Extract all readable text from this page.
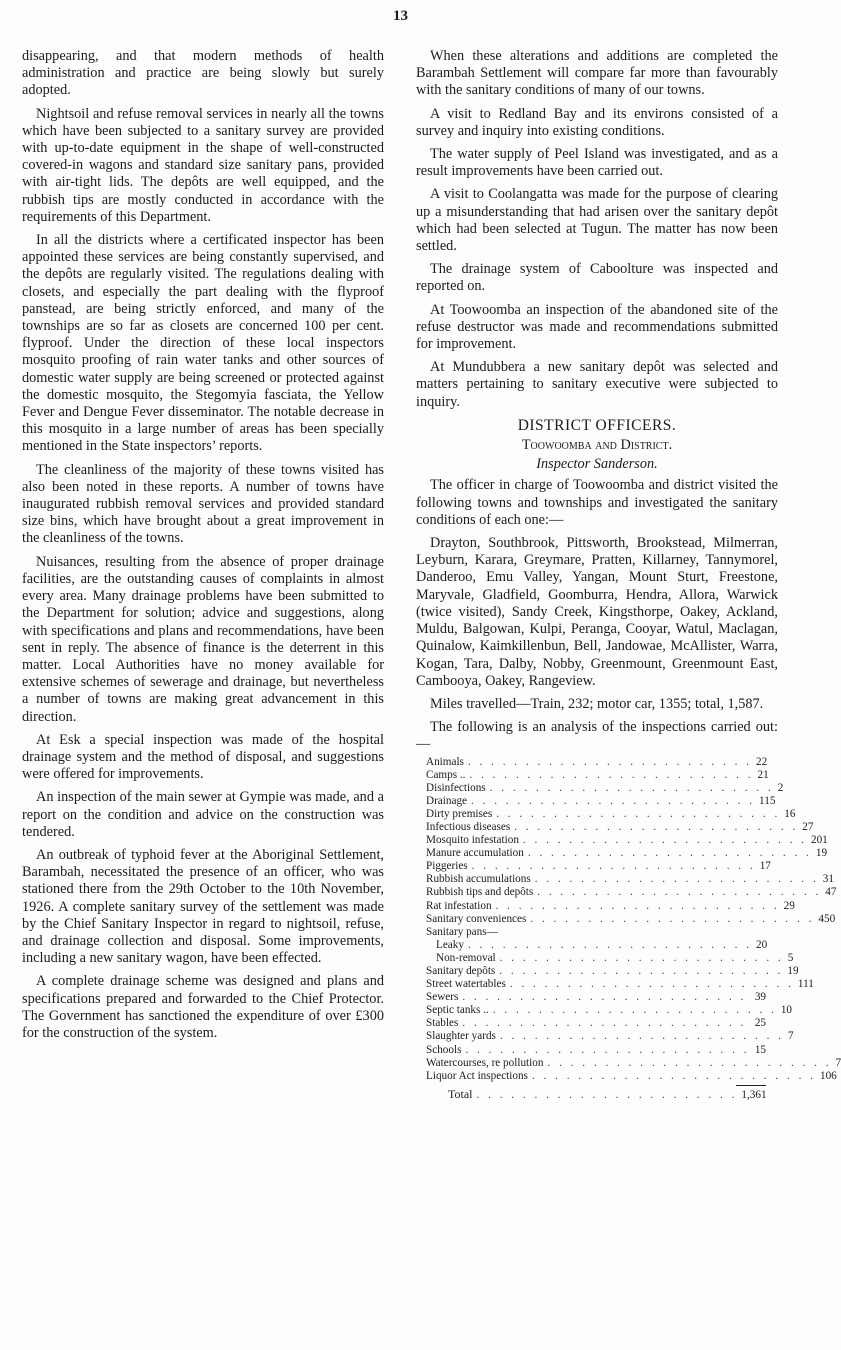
13

disappearing, and that modern methods of health administration and practice are being slowly but surely adopted.

Nightsoil and refuse removal services in nearly all the towns which have been subjected to a sanitary survey are provided with up-to-date equipment in the shape of well-constructed covered-in wagons and standard size sanitary pans, provided with air-tight lids. The depôts are well equipped, and the rubbish tips are mostly conducted in accordance with the requirements of this Department.

In all the districts where a certificated inspector has been appointed these services are being constantly supervised, and the depôts are regularly visited. The regulations dealing with closets, and especially the part dealing with the flyproof panstead, are being strictly enforced, and many of the townships are so far as closets are concerned 100 per cent. flyproof. Under the direction of these local inspectors mosquito proofing of rain water tanks and other sources of domestic water supply are being screened or protected against the domestic mosquito, the Stegomyia fasciata, the Yellow Fever and Dengue Fever disseminator. The notable decrease in this mosquito in a large number of areas has been specially mentioned in the State inspectors’ reports.

The cleanliness of the majority of these towns visited has also been noted in these reports. A number of towns have inaugurated rubbish removal services and provided standard size bins, which have brought about a great improvement in the cleanliness of the towns.

Nuisances, resulting from the absence of proper drainage facilities, are the outstanding causes of complaints in almost every area. Many drainage problems have been submitted to the Department for solution; advice and suggestions, along with specifications and plans and recommendations, have been sent in reply. The absence of finance is the deterrent in this matter. Local Authorities have no money available for extensive schemes of sewerage and drainage, but nevertheless a number of towns are making great advancement in this direction.

At Esk a special inspection was made of the hospital drainage system and the method of disposal, and suggestions were offered for improvements.

An inspection of the main sewer at Gympie was made, and a report on the condition and advice on the construction was tendered.

An outbreak of typhoid fever at the Aboriginal Settlement, Barambah, necessitated the presence of an officer, who was stationed there from the 29th October to the 10th November, 1926. A complete sanitary survey of the settlement was made by the Chief Sanitary Inspector in regard to nightsoil, refuse, and drainage collection and disposal. Some improvements, including a new sanitary wagon, have been effected.

A complete drainage scheme was designed and plans and specifications prepared and forwarded to the Chief Protector. The Government has sanctioned the expenditure of over £300 for the construction of the system.

When these alterations and additions are completed the Barambah Settlement will compare far more than favourably with the sanitary conditions of many of our towns.

A visit to Redland Bay and its environs consisted of a survey and inquiry into existing conditions.

The water supply of Peel Island was investigated, and as a result improvements have been carried out.

A visit to Coolangatta was made for the purpose of clearing up a misunderstanding that had arisen over the sanitary depôt which had been selected at Tugun. The matter has now been settled.

The drainage system of Caboolture was inspected and reported on.

At Toowoomba an inspection of the abandoned site of the refuse destructor was made and recommendations submitted for improvement.

At Mundubbera a new sanitary depôt was selected and matters pertaining to sanitary executive were subjected to inquiry.

DISTRICT OFFICERS.

Toowoomba and District.

Inspector Sanderson.

The officer in charge of Toowoomba and district visited the following towns and townships and investigated the sanitary conditions of each one:—

Drayton, Southbrook, Pittsworth, Brookstead, Milmerran, Leyburn, Karara, Greymare, Pratten, Killarney, Tannymorel, Danderoo, Emu Valley, Yangan, Mount Sturt, Freestone, Maryvale, Gladfield, Goomburra, Hendra, Allora, Warwick (twice visited), Sandy Creek, Kingsthorpe, Oakey, Ackland, Muldu, Balgowan, Kulpi, Peranga, Cooyar, Watul, Maclagan, Quinalow, Kaimkillenbun, Bell, Jandowae, McAllister, Warra, Kogan, Tara, Dalby, Nobby, Greenmount, Greenmount East, Cambooya, Oakey, Rangeview.

Miles travelled—Train, 232; motor car, 1355; total, 1,587.

The following is an analysis of the inspections carried out:—

Animals . . . . . . . . . . . . . . . . . . . . . . . . . 22
Camps .. . . . . . . . . . . . . . . . . . . . . . . . . . 21
Disinfections . . . . . . . . . . . . . . . . . . . . . . . . . 2
Drainage . . . . . . . . . . . . . . . . . . . . . . . . . 115
Dirty premises . . . . . . . . . . . . . . . . . . . . . . . . . 16
Infectious diseases . . . . . . . . . . . . . . . . . . . . . . . . . 27
Mosquito infestation . . . . . . . . . . . . . . . . . . . . . . . . . 201
Manure accumulation . . . . . . . . . . . . . . . . . . . . . . . . . 19
Piggeries . . . . . . . . . . . . . . . . . . . . . . . . . 17
Rubbish accumulations . . . . . . . . . . . . . . . . . . . . . . . . . 31
Rubbish tips and depôts . . . . . . . . . . . . . . . . . . . . . . . . . 47
Rat infestation . . . . . . . . . . . . . . . . . . . . . . . . . 29
Sanitary conveniences . . . . . . . . . . . . . . . . . . . . . . . . . 450
Sanitary pans—
Leaky . . . . . . . . . . . . . . . . . . . . . . . . . 20
Non-removal . . . . . . . . . . . . . . . . . . . . . . . . . 5
Sanitary depôts . . . . . . . . . . . . . . . . . . . . . . . . . 19
Street watertables . . . . . . . . . . . . . . . . . . . . . . . . . 111
Sewers . . . . . . . . . . . . . . . . . . . . . . . . . 39
Septic tanks .. . . . . . . . . . . . . . . . . . . . . . . . . . 10
Stables . . . . . . . . . . . . . . . . . . . . . . . . . 25
Slaughter yards . . . . . . . . . . . . . . . . . . . . . . . . . 7
Schools . . . . . . . . . . . . . . . . . . . . . . . . . 15
Watercourses, re pollution . . . . . . . . . . . . . . . . . . . . . . . . . 7
Liquor Act inspections . . . . . . . . . . . . . . . . . . . . . . . . . 106
Total . . . . . . . . . . . . . . . . . . . . . . . 1,361
